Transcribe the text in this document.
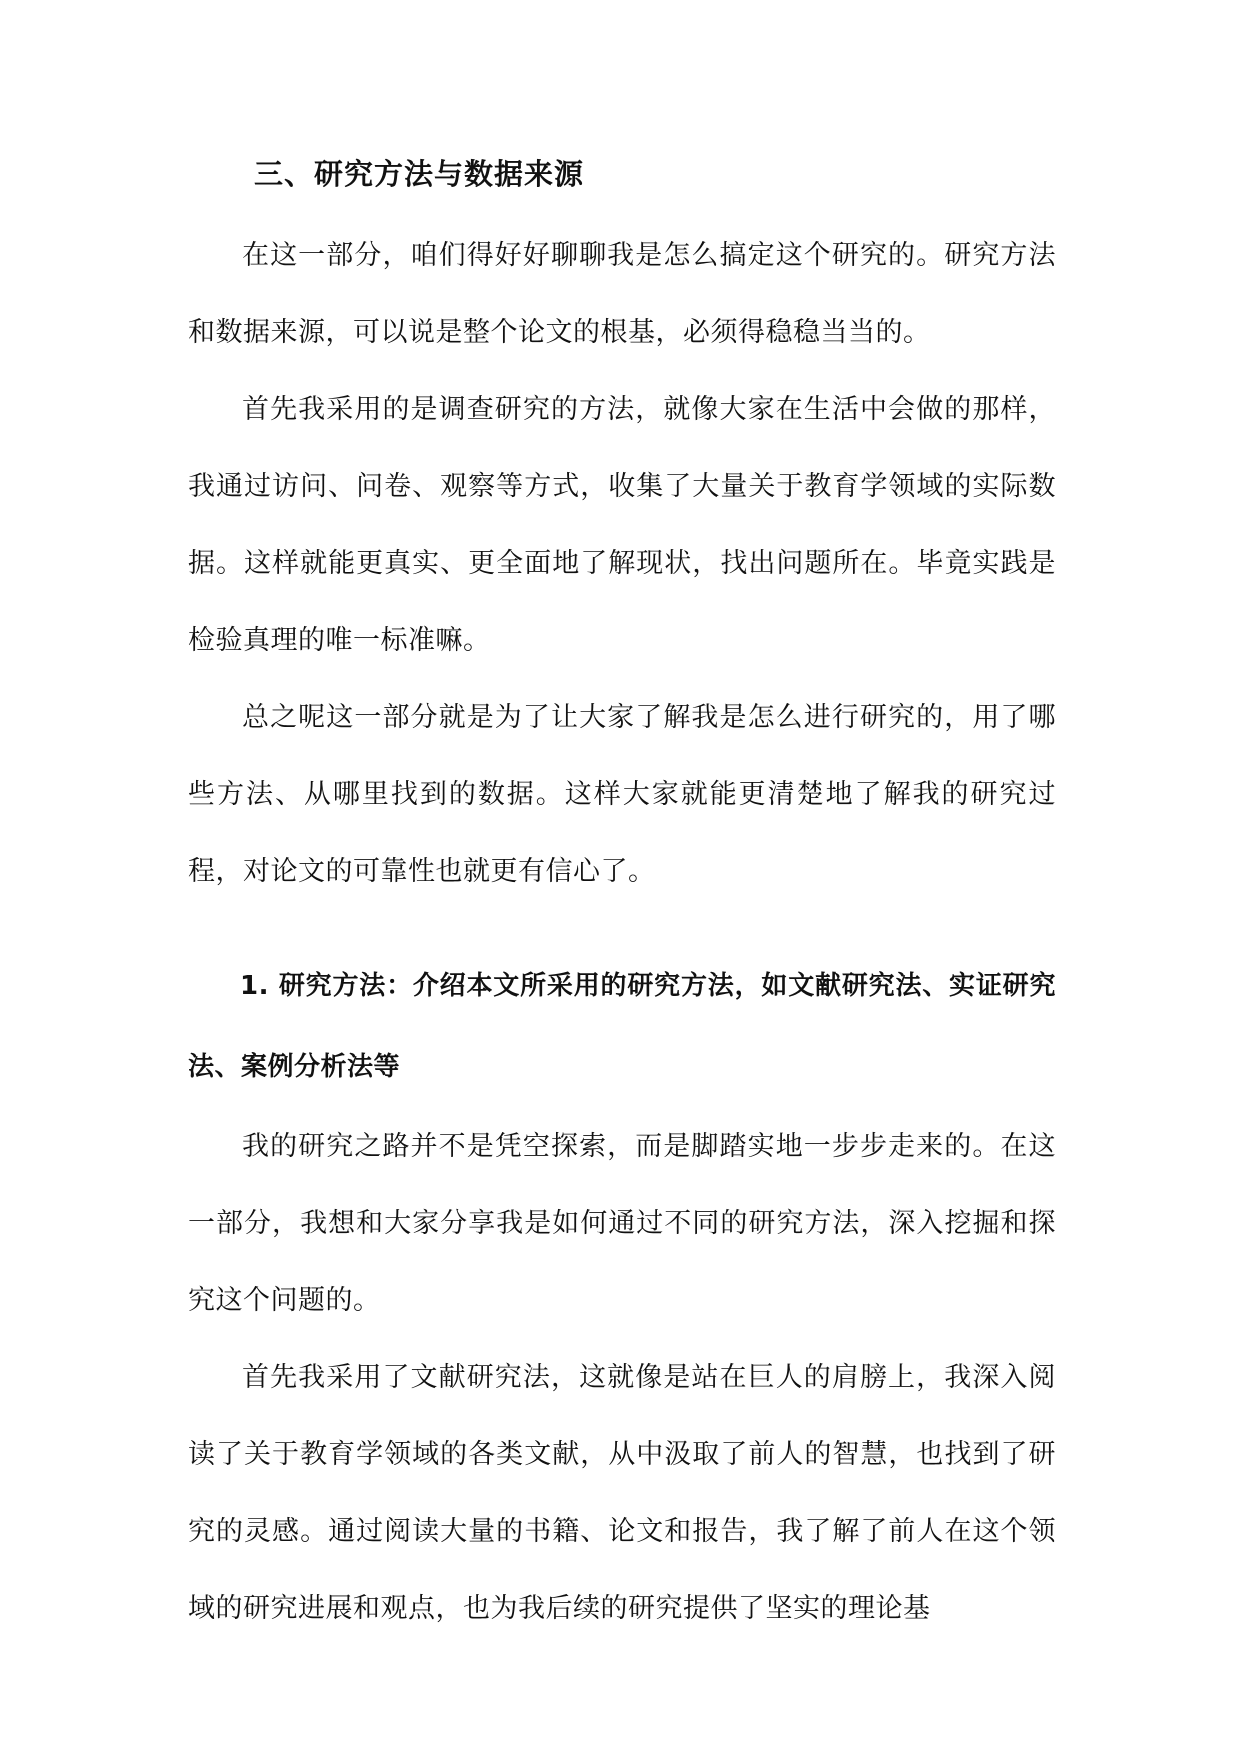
三、研究方法与数据来源

在这一部分，咱们得好好聊聊我是怎么搞定这个研究的。研究方法和数据来源，可以说是整个论文的根基，必须得稳稳当当的。

首先我采用的是调查研究的方法，就像大家在生活中会做的那样，我通过访问、问卷、观察等方式，收集了大量关于教育学领域的实际数据。这样就能更真实、更全面地了解现状，找出问题所在。毕竟实践是检验真理的唯一标准嘛。

总之呢这一部分就是为了让大家了解我是怎么进行研究的，用了哪些方法、从哪里找到的数据。这样大家就能更清楚地了解我的研究过程，对论文的可靠性也就更有信心了。

1. 研究方法：介绍本文所采用的研究方法，如文献研究法、实证研究法、案例分析法等

我的研究之路并不是凭空探索，而是脚踏实地一步步走来的。在这一部分，我想和大家分享我是如何通过不同的研究方法，深入挖掘和探究这个问题的。

首先我采用了文献研究法，这就像是站在巨人的肩膀上，我深入阅读了关于教育学领域的各类文献，从中汲取了前人的智慧，也找到了研究的灵感。通过阅读大量的书籍、论文和报告，我了解了前人在这个领域的研究进展和观点，也为我后续的研究提供了坚实的理论基
